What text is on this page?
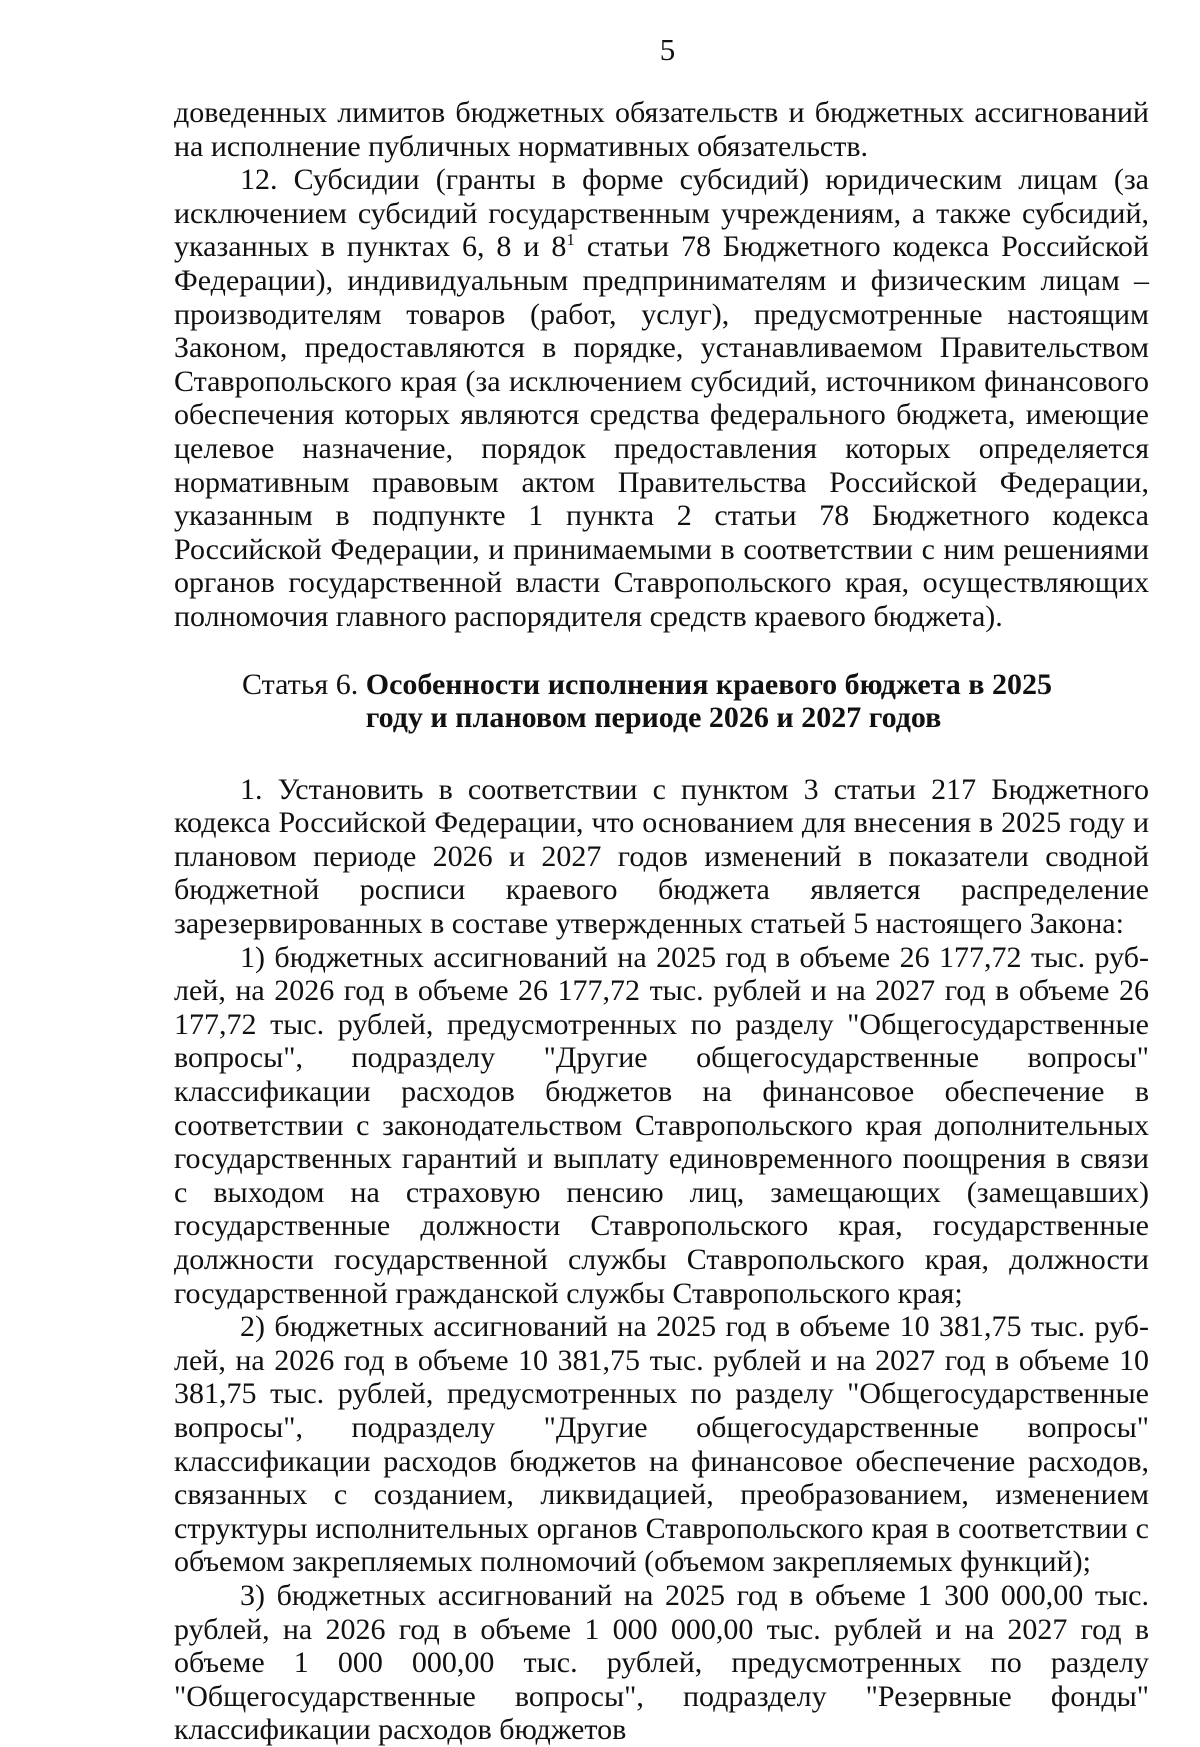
5

доведенных лимитов бюджетных обязательств и бюджетных ассигнований на исполнение публичных нормативных обязательств.

12. Субсидии (гранты в форме субсидий) юридическим лицам (за исключением субсидий государственным учреждениям, а также субсидий, указанных в пунктах 6, 8 и $8^1$ статьи 78 Бюджетного кодекса Российской Федерации), индивидуальным предпринимателям и физическим лицам – производителям товаров (работ, услуг), предусмотренные настоящим Законом, предоставляются в порядке, устанавливаемом Правительством Ставропольского края (за исключением субсидий, источником финансового обеспечения которых являются средства федерального бюджета, имеющие целевое назначение, порядок предоставления которых определяется нормативным правовым актом Правительства Российской Федерации, указанным в подпункте 1 пункта 2 статьи 78 Бюджетного кодекса Российской Федерации, и принимаемыми в соответствии с ним решениями органов государственной власти Ставропольского края, осуществляющих полномочия главного распорядителя средств краевого бюджета).

Статья 6. Особенности исполнения краевого бюджета в 2025 году и плановом периоде 2026 и 2027 годов

1. Установить в соответствии с пунктом 3 статьи 217 Бюджетного кодекса Российской Федерации, что основанием для внесения в 2025 году и плановом периоде 2026 и 2027 годов изменений в показатели сводной бюджетной росписи краевого бюджета является распределение зарезервированных в составе утвержденных статьей 5 настоящего Закона:

1) бюджетных ассигнований на 2025 год в объеме 26 177,72 тыс. рублей, на 2026 год в объеме 26 177,72 тыс. рублей и на 2027 год в объеме 26 177,72 тыс. рублей, предусмотренных по разделу "Общегосударственные вопросы", подразделу "Другие общегосударственные вопросы" классификации расходов бюджетов на финансовое обеспечение в соответствии с законодательством Ставропольского края дополнительных государственных гарантий и выплату единовременного поощрения в связи с выходом на страховую пенсию лиц, замещающих (замещавших) государственные должности Ставропольского края, государственные должности государственной службы Ставропольского края, должности государственной гражданской службы Ставропольского края;

2) бюджетных ассигнований на 2025 год в объеме 10 381,75 тыс. рублей, на 2026 год в объеме 10 381,75 тыс. рублей и на 2027 год в объеме 10 381,75 тыс. рублей, предусмотренных по разделу "Общегосударственные вопросы", подразделу "Другие общегосударственные вопросы" классификации расходов бюджетов на финансовое обеспечение расходов, связанных с созданием, ликвидацией, преобразованием, изменением структуры исполнительных органов Ставропольского края в соответствии с объемом закрепляемых полномочий (объемом закрепляемых функций);

3) бюджетных ассигнований на 2025 год в объеме 1 300 000,00 тыс. рублей, на 2026 год в объеме 1 000 000,00 тыс. рублей и на 2027 год в объеме 1 000 000,00 тыс. рублей, предусмотренных по разделу "Общегосударственные вопросы", подразделу "Резервные фонды" классификации расходов бюджетов
